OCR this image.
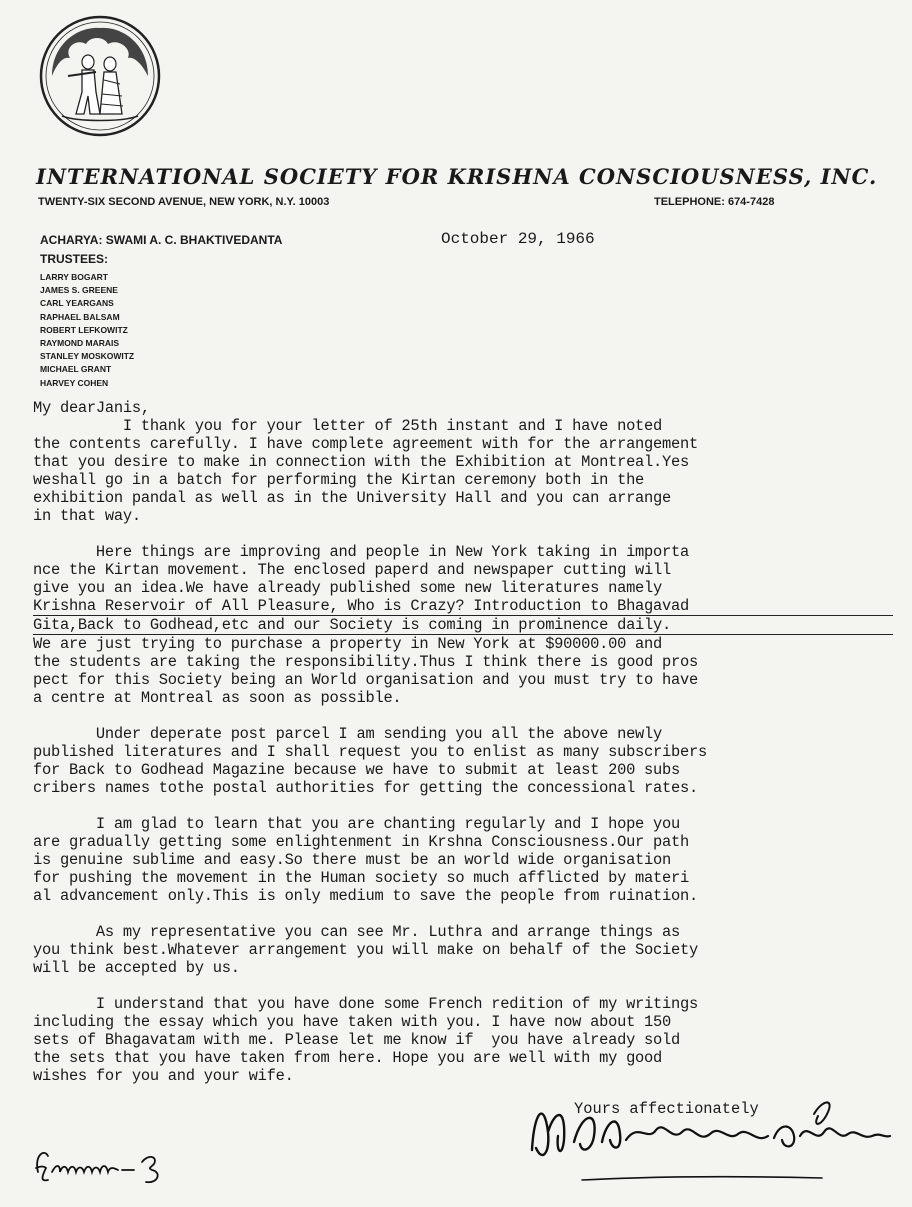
INTERNATIONAL SOCIETY FOR KRISHNA CONSCIOUSNESS, INC.
TWENTY-SIX SECOND AVENUE, NEW YORK, N.Y. 10003	TELEPHONE: 674-7428
ACHARYA: SWAMI A. C. BHAKTIVEDANTA
TRUSTEES:
LARRY BOGART
JAMES S. GREENE
CARL YEARGANS
RAPHAEL BALSAM
ROBERT LEFKOWITZ
RAYMOND MARAIS
STANLEY MOSKOWITZ
MICHAEL GRANT
HARVEY COHEN
October 29, 1966
My dearJanis,
I thank you for your letter of 25th instant and I have noted
the contents carefully. I have complete agreement with for the arrangement
that you desire to make in connection with the Exhibition at Montreal.Yes
weshall go in a batch for performing the Kirtan ceremony both in the
exhibition pandal as well as in the University Hall and you can arrange
in that way.
Here things are improving and people in New York taking in importa
nce the Kirtan movement. The enclosed paperd and newspaper cutting will
give you an idea.We have already published some new literatures namely
Krishna Reservoir of All Pleasure, Who is Crazy? Introduction to Bhagavad
Gita,Back to Godhead,etc and our Society is coming in prominence daily.
We are just trying to purchase a property in New York at $90000.00 and
the students are taking the responsibility.Thus I think there is good pros
pect for this Society being an World organisation and you must try to have
a centre at Montreal as soon as possible.
Under deperate post parcel I am sending you all the above newly
published literatures and I shall request you to enlist as many subscribers
for Back to Godhead Magazine because we have to submit at least 200 subs
cribers names tothe postal authorities for getting the concessional rates.
I am glad to learn that you are chanting regularly and I hope you
are gradually getting some enlightenment in Krshna Consciousness.Our path
is genuine sublime and easy.So there must be an world wide organisation
for pushing the movement in the Human society so much afflicted by materi
al advancement only.This is only medium to save the people from ruination.
As my representative you can see Mr. Luthra and arrange things as
you think best.Whatever arrangement you will make on behalf of the Society
will be accepted by us.
I understand that you have done some French redition of my writings
including the essay which you have taken with you. I have now about 150
sets of Bhagavatam with me. Please let me know if  you have already sold
the sets that you have taken from here. Hope you are well with my good
wishes for you and your wife.
Yours affectionately
